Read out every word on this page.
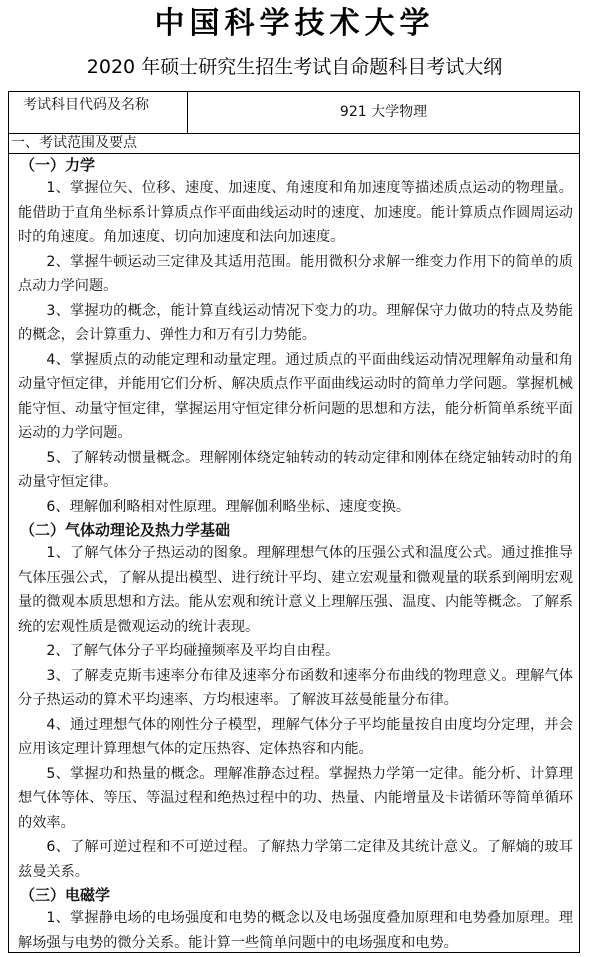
中国科学技术大学
2020 年硕士研究生招生考试自命题科目考试大纲
考试科目代码及名称	921 大学物理
一、考试范围及要点
（一）力学

1、掌握位矢、位移、速度、加速度、角速度和角加速度等描述质点运动的物理量。能借助于直角坐标系计算质点作平面曲线运动时的速度、加速度。能计算质点作圆周运动时的角速度。角加速度、切向加速度和法向加速度。

2、掌握牛顿运动三定律及其适用范围。能用微积分求解一维变力作用下的简单的质点动力学问题。

3、掌握功的概念，能计算直线运动情况下变力的功。理解保守力做功的特点及势能的概念，会计算重力、弹性力和万有引力势能。

4、掌握质点的动能定理和动量定理。通过质点的平面曲线运动情况理解角动量和角动量守恒定律，并能用它们分析、解决质点作平面曲线运动时的简单力学问题。掌握机械能守恒、动量守恒定律，掌握运用守恒定律分析问题的思想和方法，能分析简单系统平面运动的力学问题。

5、了解转动惯量概念。理解刚体绕定轴转动的转动定律和刚体在绕定轴转动时的角动量守恒定律。

6、理解伽利略相对性原理。理解伽利略坐标、速度变换。

（二）气体动理论及热力学基础

1、了解气体分子热运动的图象。理解理想气体的压强公式和温度公式。通过推推导气体压强公式，了解从提出模型、进行统计平均、建立宏观量和微观量的联系到阐明宏观量的微观本质思想和方法。能从宏观和统计意义上理解压强、温度、内能等概念。了解系统的宏观性质是微观运动的统计表现。

2、了解气体分子平均碰撞频率及平均自由程。

3、了解麦克斯韦速率分布律及速率分布函数和速率分布曲线的物理意义。理解气体分子热运动的算术平均速率、方均根速率。了解波耳兹曼能量分布律。

4、通过理想气体的刚性分子模型，理解气体分子平均能量按自由度均分定理，并会应用该定理计算理想气体的定压热容、定体热容和内能。

5、掌握功和热量的概念。理解准静态过程。掌握热力学第一定律。能分析、计算理想气体等体、等压、等温过程和绝热过程中的功、热量、内能增量及卡诺循环等简单循环的效率。

6、了解可逆过程和不可逆过程。了解热力学第二定律及其统计意义。了解熵的玻耳兹曼关系。

（三）电磁学

1、掌握静电场的电场强度和电势的概念以及电场强度叠加原理和电势叠加原理。理解场强与电势的微分关系。能计算一些简单问题中的电场强度和电势。
